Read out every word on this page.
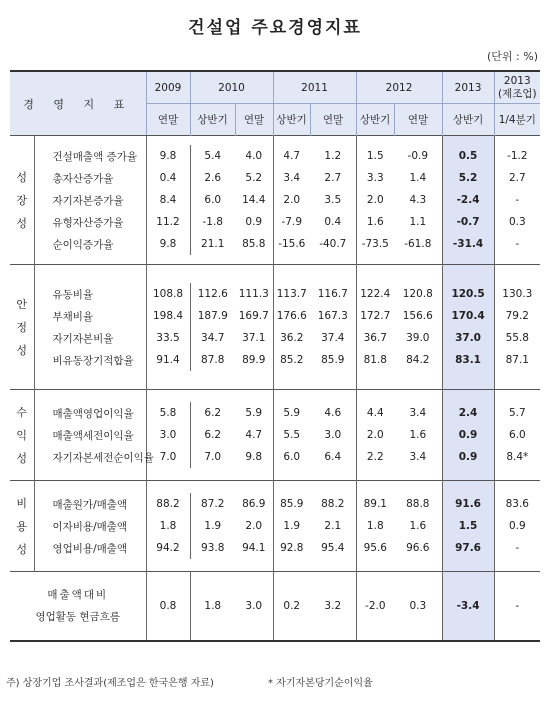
건설업 주요경영지표
(단위 : %)
경 영 지 표		2009	2010		2011		2012		2013	2013
(제조업)
		연말	상반기	연말	상반기	연말	상반기	연말	상반기	1/4분기

성
장
성										

	건설매출액 증가율	9.8	5.4	4.0	4.7	1.2	1.5	-0.9	0.5	-1.2
	총자산증가율	0.4	2.6	5.2	3.4	2.7	3.3	1.4	5.2	2.7
	자기자본증가율	8.4	6.0	14.4	2.0	3.5	2.0	4.3	-2.4	-
	유형자산증가율	11.2	-1.8	0.9	-7.9	0.4	1.6	1.1	-0.7	0.3
	순이익증가율	9.8	21.1	85.8	-15.6	-40.7	-73.5	-61.8	-31.4	-

안
정
성										

	유동비율	108.8	112.6	111.3	113.7	116.7	122.4	120.8	120.5	130.3
	부채비율	198.4	187.9	169.7	176.6	167.3	172.7	156.6	170.4	79.2
	자기자본비율	33.5	34.7	37.1	36.2	37.4	36.7	39.0	37.0	55.8
	비유동장기적합율	91.4	87.8	89.9	85.2	85.9	81.8	84.2	83.1	87.1

수
익
성										

	매출액영업이익율	5.8	6.2	5.9	5.9	4.6	4.4	3.4	2.4	5.7
	매출액세전이익율	3.0	6.2	4.7	5.5	3.0	2.0	1.6	0.9	6.0
	자기자본세전순이익율	7.0	7.0	9.8	6.0	6.4	2.2	3.4	0.9	8.4*

비
용
성										

	매출원가/매출액	88.2	87.2	86.9	85.9	88.2	89.1	88.8	91.6	83.6
	이자비용/매출액	1.8	1.9	2.0	1.9	2.1	1.8	1.6	1.5	0.9
	영업비용/매출액	94.2	93.8	94.1	92.8	95.4	95.6	96.6	97.6	-

매출액대비
영업활동 현금흐름		0.8	1.8	3.0	0.2	3.2	-2.0	0.3	-3.4	-
주) 상장기업 조사결과(제조업은 한국은행 자료)	* 자기자본당기순이익율
